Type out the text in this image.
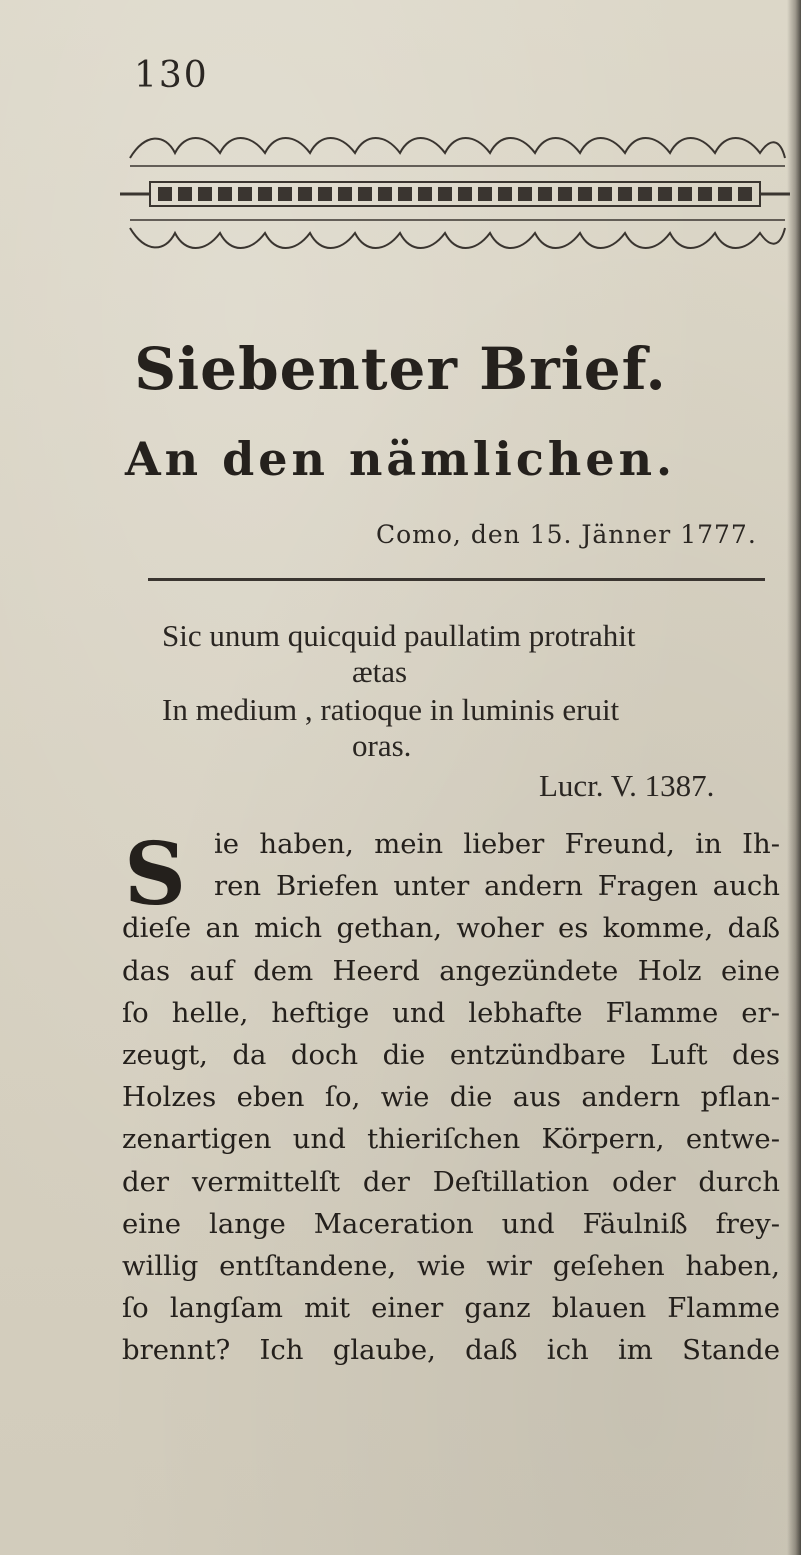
130
Siebenter Brief.
An den nämlichen.
Como, den 15. Jänner 1777.
Sic unum quicquid paullatim protrahit
ætas
In medium , ratioque in luminis eruit
oras.
Lucr. V. 1387.
S	ie haben, mein lieber Freund, in Ih-
ren Briefen unter andern Fragen auch
dieſe an mich gethan, woher es komme, daß
das auf dem Heerd angezündete Holz eine
ſo helle, heftige und lebhafte Flamme er-
zeugt, da doch die entzündbare Luft des
Holzes eben ſo, wie die aus andern pflan-
zenartigen und thieriſchen Körpern, entwe-
der vermittelſt der Deſtillation oder durch
eine lange Maceration und Fäulniß frey-
willig entſtandene, wie wir geſehen haben,
ſo langſam mit einer ganz blauen Flamme
brennt? Ich glaube, daß ich im Stande
